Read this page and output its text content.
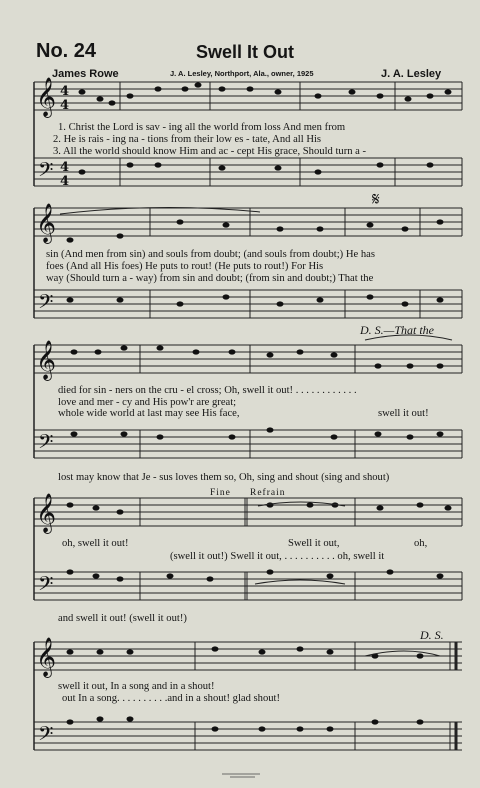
No. 24	Swell It Out
James Rowe	J. A. Lesley, Northport, Ala., owner, 1925	J. A. Lesley
𝄞
𝄢
𝄞
𝄢
𝄞
𝄢
𝄞
𝄢
𝄞
𝄢
4
4
4
4
𝄋
1. Christ the Lord is sav - ing all the world from loss And men from
2. He is rais - ing na - tions from their low es - tate, And all His
3. All the world should know Him and ac - cept His grace, Should turn a -
sin (And men from sin) and souls from doubt; (and souls from doubt;) He has
foes (And all His foes) He puts to rout! (He puts to rout!) For His
way (Should turn a - way) from sin and doubt; (from sin and doubt;) That the
D. S.—That the
died for sin - ners on the cru - el cross; Oh, swell it out! . . . . . . . . . . . .
love and mer - cy and His pow'r are great;
whole wide world at last may see His face,	swell it out!
lost may know that Je - sus loves them so, Oh, sing and shout (sing and shout)
Fine Refrain
oh, swell it out!	Swell it out,	oh,
(swell it out!) Swell it out, . . . . . . . . . . oh, swell it
and swell it out! (swell it out!)
D. S.
swell it out, In a song and in a shout!
out In a song. . . . . . . . . .and in a shout! glad shout!
